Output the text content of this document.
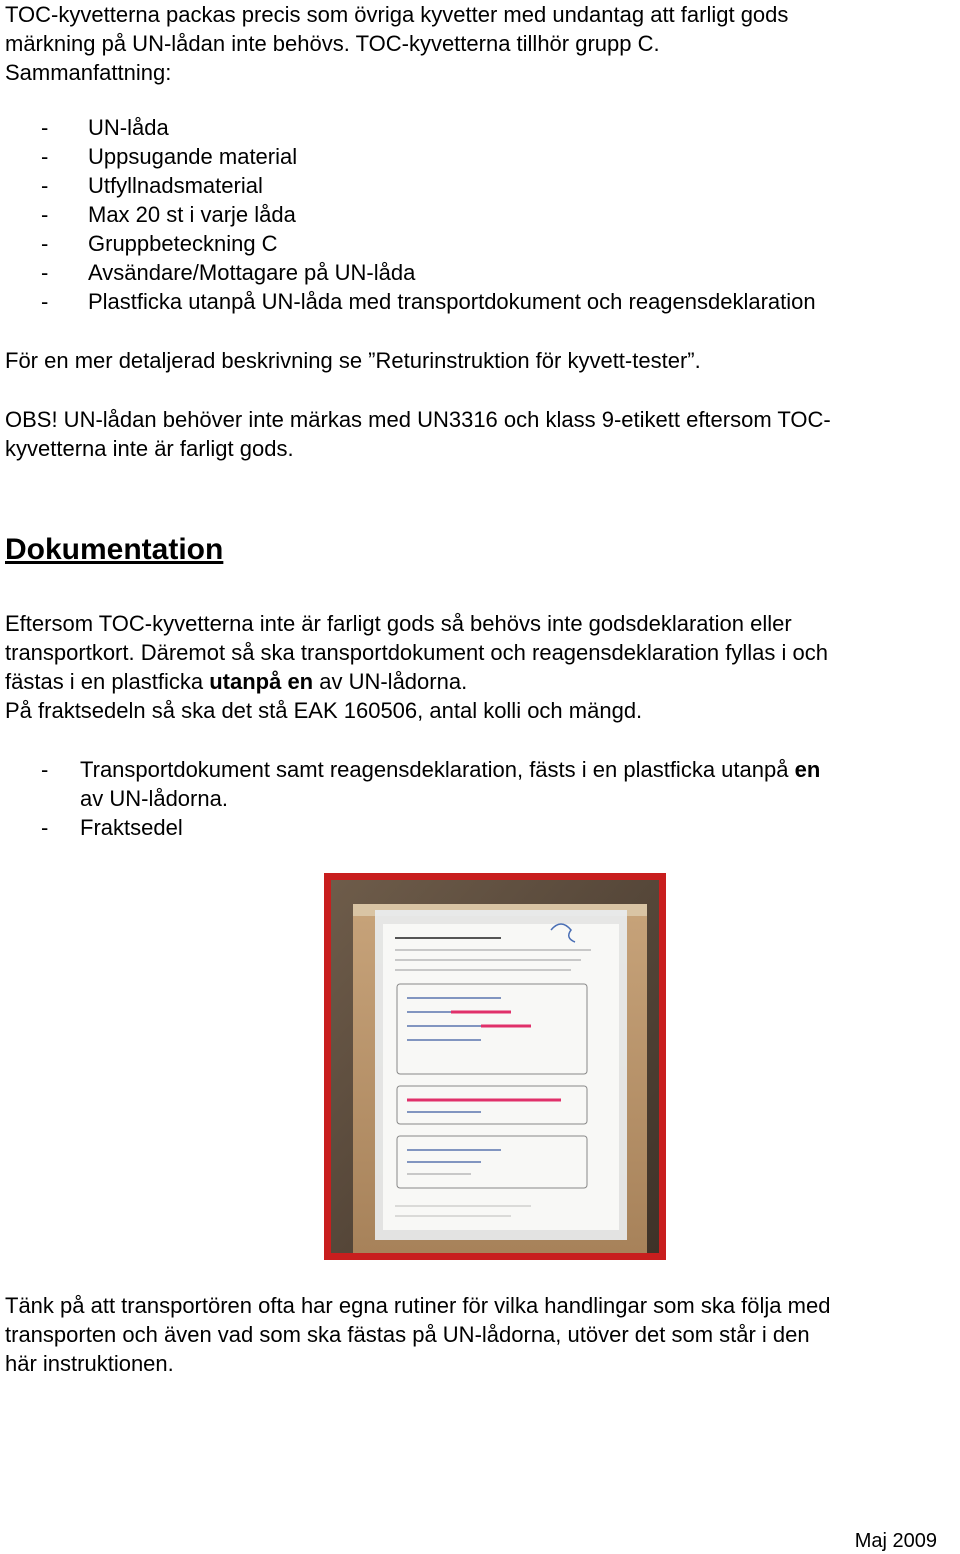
TOC-kyvetterna packas precis som övriga kyvetter med undantag att farligt gods

märkning på UN-lådan inte behövs. TOC-kyvetterna tillhör grupp C.

Sammanfattning:

- UN-låda
- Uppsugande material
- Utfyllnadsmaterial
- Max 20 st i varje låda
- Gruppbeteckning C
- Avsändare/Mottagare på UN-låda
- Plastficka utanpå UN-låda med transportdokument och reagensdeklaration

För en mer detaljerad beskrivning se ”Returinstruktion för kyvett-tester”.

OBS! UN-lådan behöver inte märkas med UN3316 och klass 9-etikett eftersom TOC-

kyvetterna inte är farligt gods.

Dokumentation

Eftersom TOC-kyvetterna inte är farligt gods så behövs inte godsdeklaration eller

transportkort. Däremot så ska transportdokument och reagensdeklaration fyllas i och

fästas i en plastficka utanpå en av UN-lådorna.

På fraktsedeln så ska det stå EAK 160506, antal kolli och mängd.

- Transportdokument samt reagensdeklaration, fästs i en plastficka utanpå en
av UN-lådorna.
- Fraktsedel

Tänk på att transportören ofta har egna rutiner för vilka handlingar som ska följa med

transporten och även vad som ska fästas på UN-lådorna, utöver det som står i den

här instruktionen.

Maj 2009
